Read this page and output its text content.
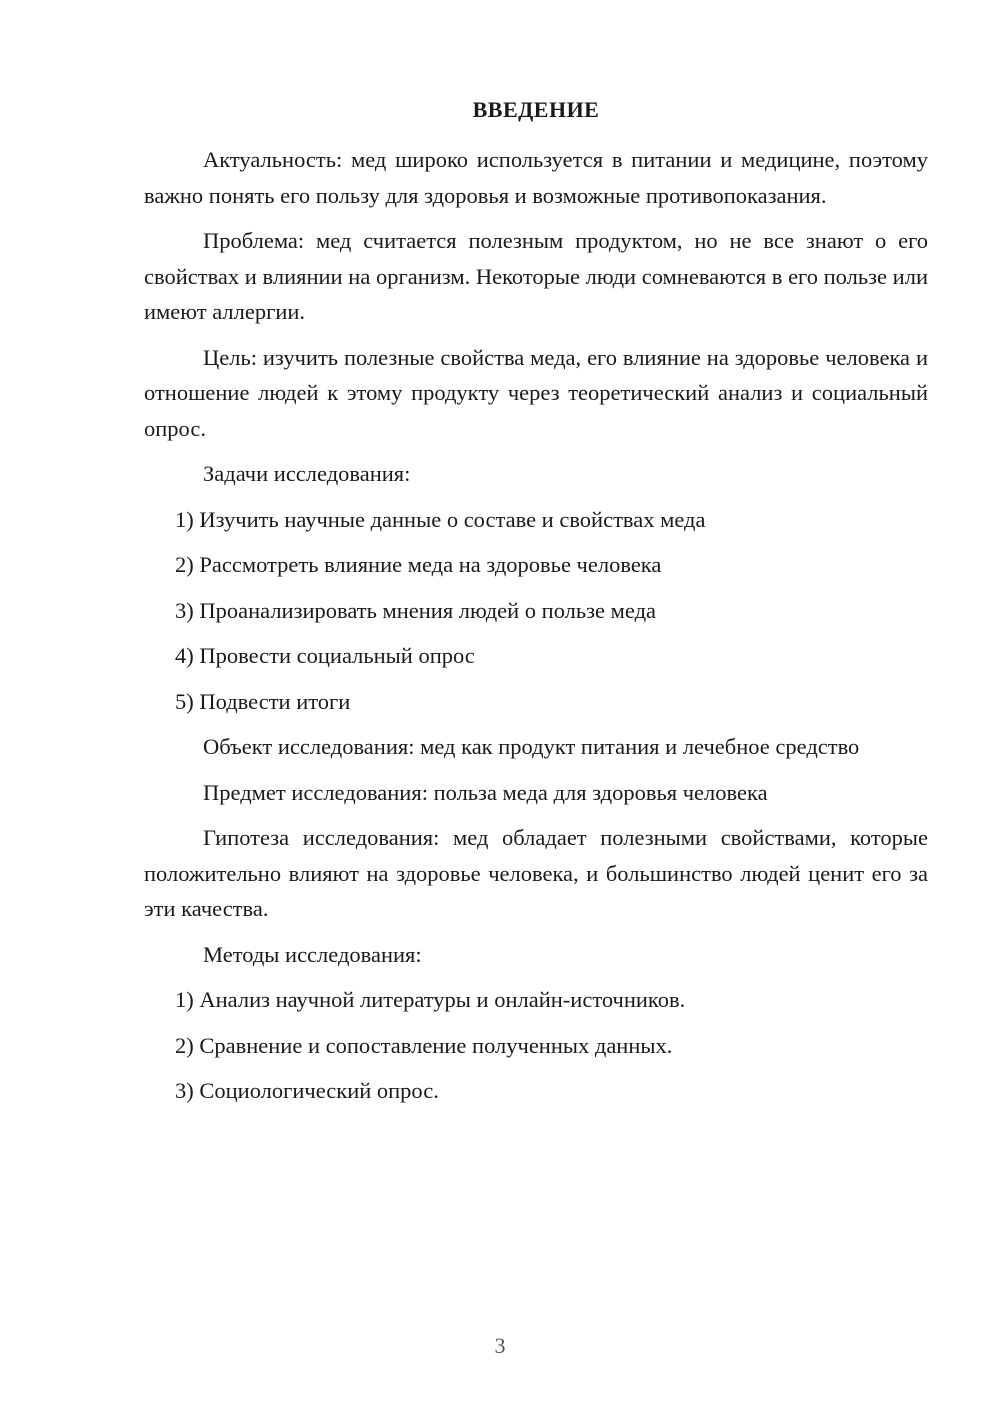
ВВЕДЕНИЕ

Актуальность: мед широко используется в питании и медицине, поэтому важно понять его пользу для здоровья и возможные противопоказания.

Проблема: мед считается полезным продуктом, но не все знают о его свойствах и влиянии на организм. Некоторые люди сомневаются в его пользе или имеют аллергии.

Цель: изучить полезные свойства меда, его влияние на здоровье человека и отношение людей к этому продукту через теоретический анализ и социальный опрос.

Задачи исследования:

1) Изучить научные данные о составе и свойствах меда

2) Рассмотреть влияние меда на здоровье человека

3) Проанализировать мнения людей о пользе меда

4) Провести социальный опрос

5) Подвести итоги

Объект исследования: мед как продукт питания и лечебное средство

Предмет исследования: польза меда для здоровья человека

Гипотеза исследования: мед обладает полезными свойствами, которые положительно влияют на здоровье человека, и большинство людей ценит его за эти качества.

Методы исследования:

1) Анализ научной литературы и онлайн-источников.

2) Сравнение и сопоставление полученных данных.

3) Социологический опрос.

3
